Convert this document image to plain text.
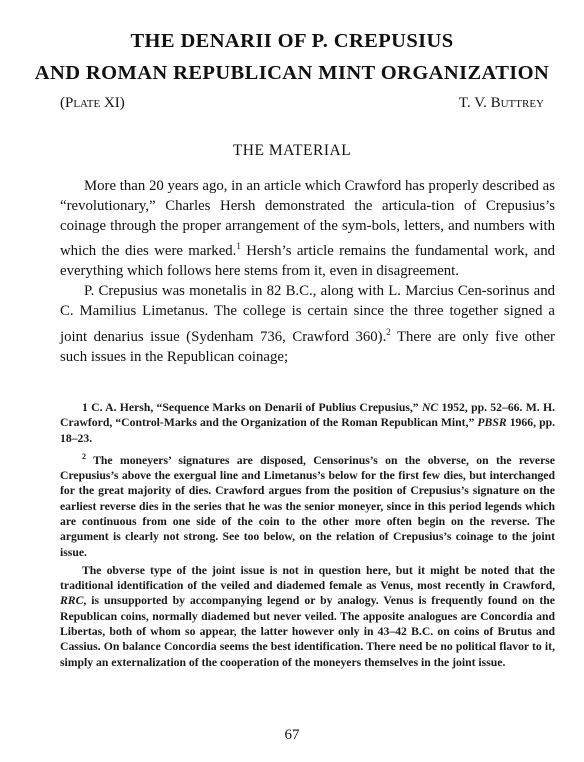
THE DENARII OF P. CREPUSIUS
AND ROMAN REPUBLICAN MINT ORGANIZATION
(Plate XI)	T. V. Buttrey
THE MATERIAL

More than 20 years ago, in an article which Crawford has properly described as “revolutionary,” Charles Hersh demonstrated the articula-tion of Crepusius’s coinage through the proper arrangement of the sym-bols, letters, and numbers with which the dies were marked.$^1$ Hersh’s article remains the fundamental work, and everything which follows here stems from it, even in disagreement.

P. Crepusius was monetalis in 82 B.C., along with L. Marcius Cen-sorinus and C. Mamilius Limetanus. The college is certain since the three together signed a joint denarius issue (Sydenham 736, Crawford 360).$^2$ There are only five other such issues in the Republican coinage;

1 C. A. Hersh, “Sequence Marks on Denarii of Publius Crepusius,” NC 1952, pp. 52–66. M. H. Crawford, “Control-Marks and the Organization of the Roman Republican Mint,” PBSR 1966, pp. 18–23.

$^2$ The moneyers’ signatures are disposed, Censorinus’s on the obverse, on the reverse Crepusius’s above the exergual line and Limetanus’s below for the first few dies, but interchanged for the great majority of dies. Crawford argues from the position of Crepusius’s signature on the earliest reverse dies in the series that he was the senior moneyer, since in this period legends which are continuous from one side of the coin to the other more often begin on the reverse. The argument is clearly not strong. See too below, on the relation of Crepusius’s coinage to the joint issue.

The obverse type of the joint issue is not in question here, but it might be noted that the traditional identification of the veiled and diademed female as Venus, most recently in Crawford, RRC, is unsupported by accompanying legend or by analogy. Venus is frequently found on the Republican coins, normally diademed but never veiled. The apposite analogues are Concordia and Libertas, both of whom so appear, the latter however only in 43–42 B.C. on coins of Brutus and Cassius. On balance Concordia seems the best identification. There need be no political flavor to it, simply an externalization of the cooperation of the moneyers themselves in the joint issue.

67
